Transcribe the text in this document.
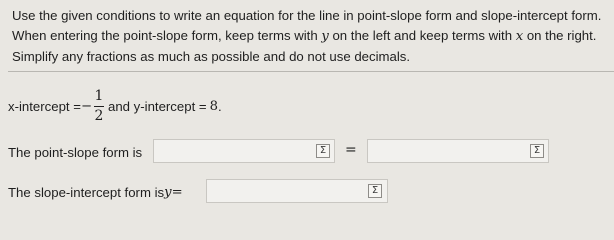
Use the given conditions to write an equation for the line in point-slope form and slope-intercept form.
When entering the point-slope form, keep terms with y on the left and keep terms with x on the right.
Simplify any fractions as much as possible and do not use decimals.
x-intercept = − $\frac{1}{2}$ and y-intercept = 8 .
The point-slope form is	Σ =	Σ
The slope-intercept form is y =	Σ
